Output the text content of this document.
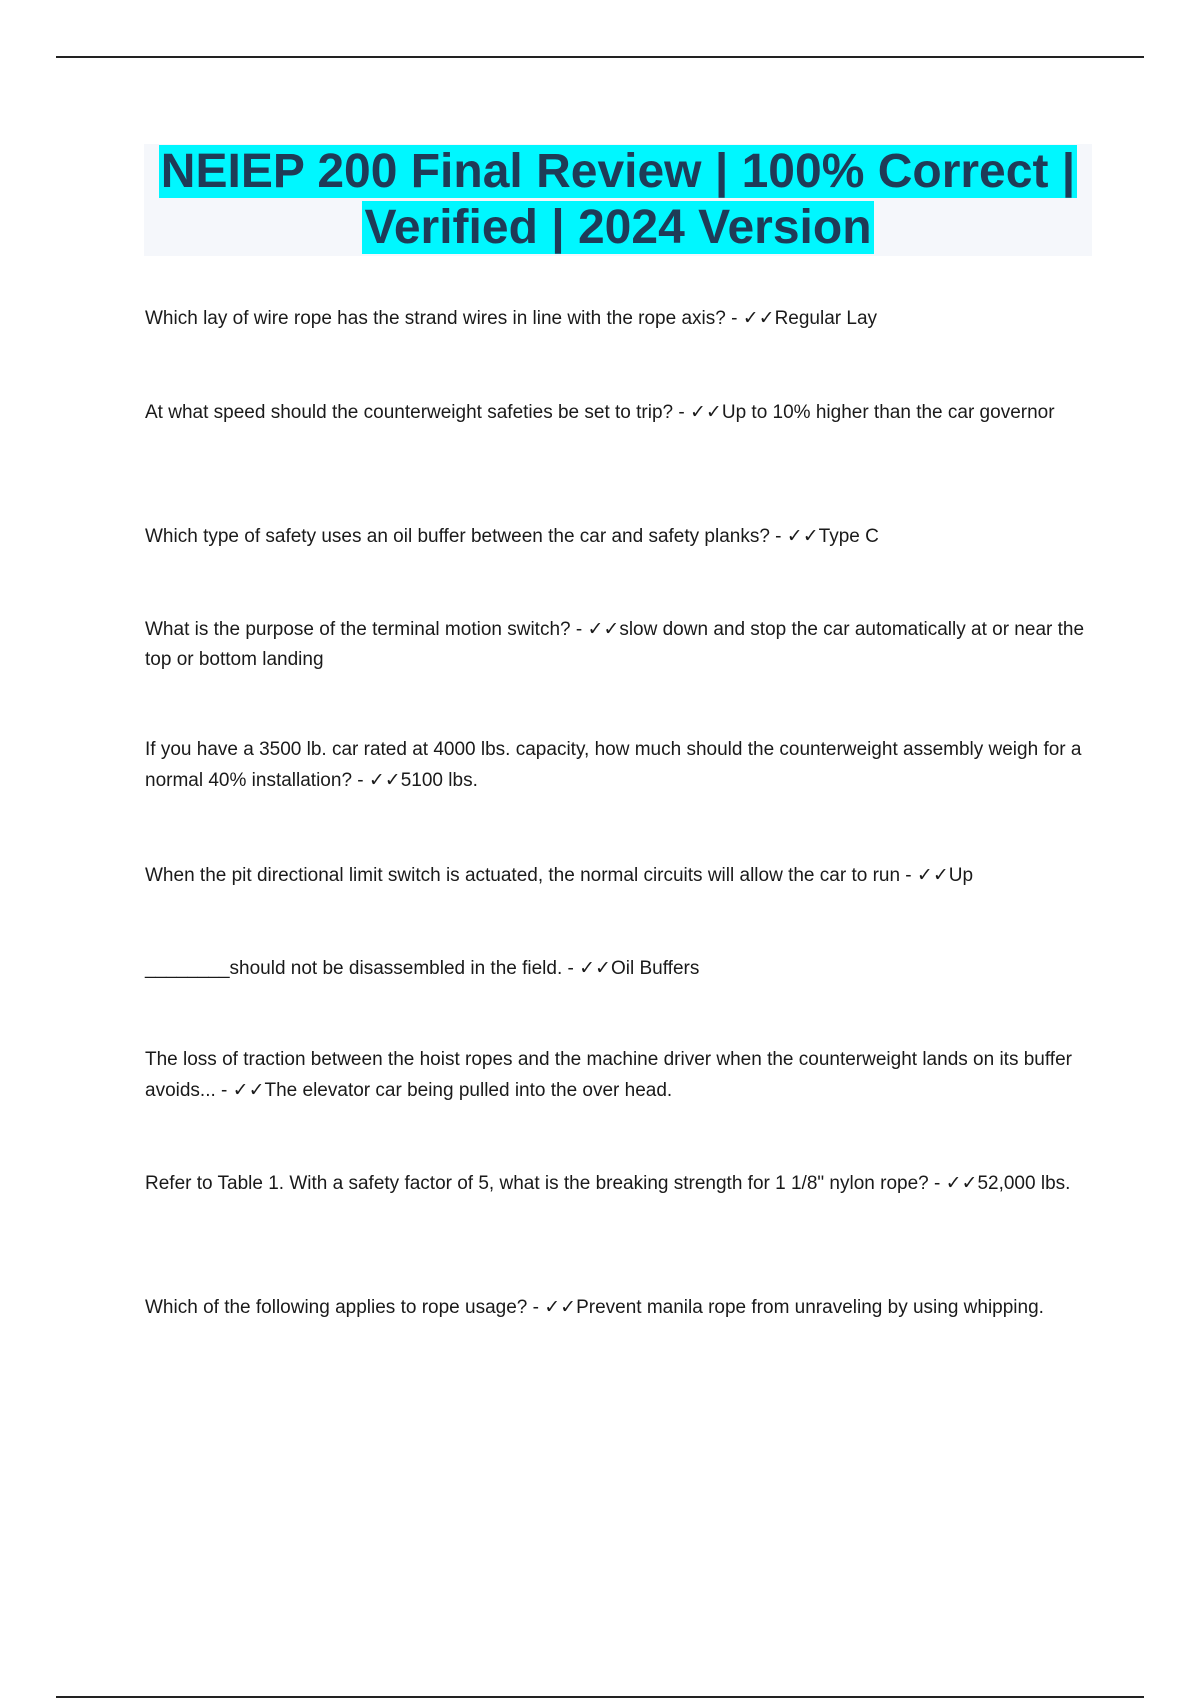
NEIEP 200 Final Review | 100% Correct |
Verified | 2024 Version
Which lay of wire rope has the strand wires in line with the rope axis? - ✓✓Regular Lay
At what speed should the counterweight safeties be set to trip? - ✓✓Up to 10% higher than the car governor
Which type of safety uses an oil buffer between the car and safety planks? - ✓✓Type C
What is the purpose of the terminal motion switch? - ✓✓slow down and stop the car automatically at or near the top or bottom landing
If you have a 3500 lb. car rated at 4000 lbs. capacity, how much should the counterweight assembly weigh for a normal 40% installation? - ✓✓5100 lbs.
When the pit directional limit switch is actuated, the normal circuits will allow the car to run - ✓✓Up
________should not be disassembled in the field. - ✓✓Oil Buffers
The loss of traction between the hoist ropes and the machine driver when the counterweight lands on its buffer avoids... - ✓✓The elevator car being pulled into the over head.
Refer to Table 1. With a safety factor of 5, what is the breaking strength for 1 1/8" nylon rope? - ✓✓52,000 lbs.
Which of the following applies to rope usage? - ✓✓Prevent manila rope from unraveling by using whipping.
